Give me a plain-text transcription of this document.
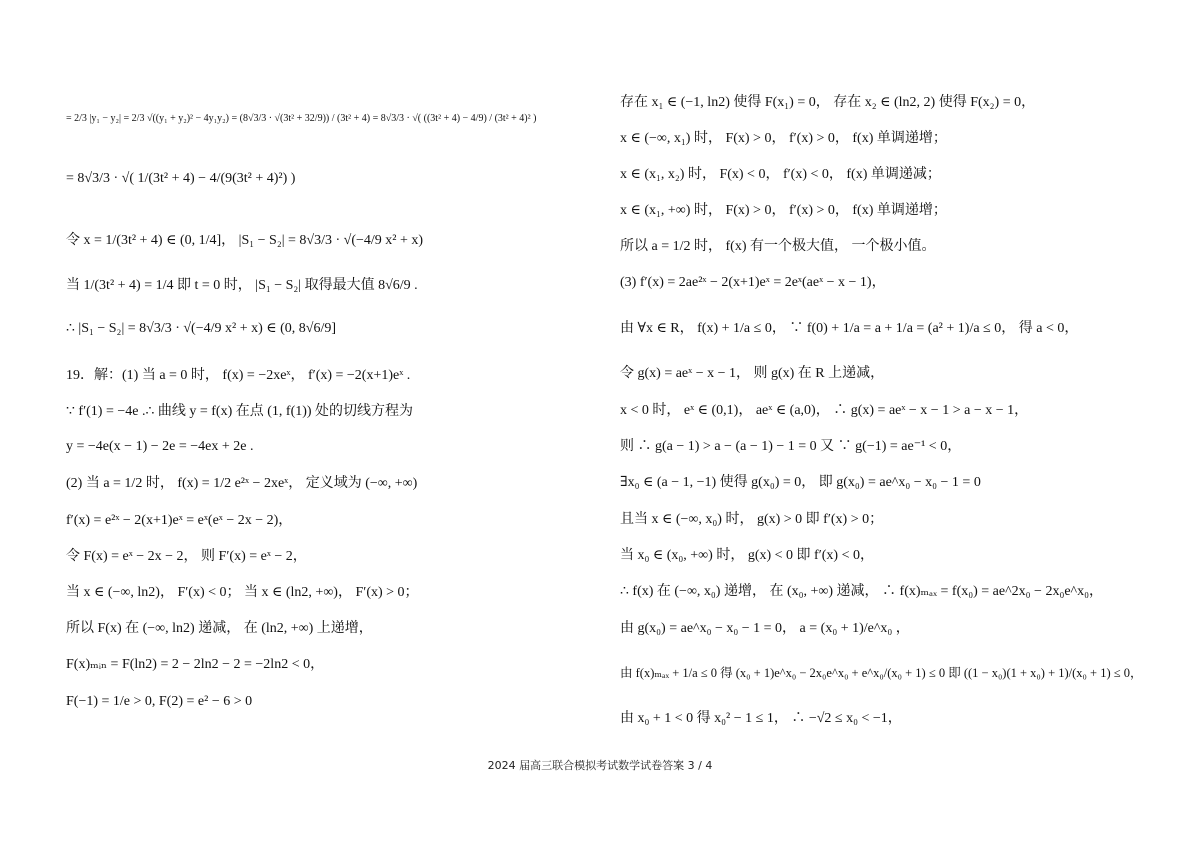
= 2/3 |y₁ − y₂| = 2/3 √((y₁ + y₂)² − 4y₁y₂) = (8√3/3 · √(3t² + 32/9)) / (3t² + 4) = 8√3/3 · √( ((3t² + 4) − 4/9) / (3t² + 4)² )
= 8√3/3 · √( 1/(3t² + 4) − 4/(9(3t² + 4)²) )
令 x = 1/(3t² + 4) ∈ (0, 1/4]， |S₁ − S₂| = 8√3/3 · √(−4/9 x² + x)
当 1/(3t² + 4) = 1/4 即 t = 0 时， |S₁ − S₂| 取得最大值 8√6/9 .
∴ |S₁ − S₂| = 8√3/3 · √(−4/9 x² + x) ∈ (0, 8√6/9]
19．解：(1) 当 a = 0 时， f(x) = −2xeˣ， f′(x) = −2(x+1)eˣ .
∵ f′(1) = −4e .∴ 曲线 y = f(x) 在点 (1, f(1)) 处的切线方程为
y = −4e(x − 1) − 2e = −4ex + 2e .
(2) 当 a = 1/2 时， f(x) = 1/2 e²ˣ − 2xeˣ， 定义域为 (−∞, +∞)
f′(x) = e²ˣ − 2(x+1)eˣ = eˣ(eˣ − 2x − 2)，
令 F(x) = eˣ − 2x − 2， 则 F′(x) = eˣ − 2，
当 x ∈ (−∞, ln2)， F′(x) < 0； 当 x ∈ (ln2, +∞)， F′(x) > 0；
所以 F(x) 在 (−∞, ln2) 递减， 在 (ln2, +∞) 上递增，
F(x)ₘᵢₙ = F(ln2) = 2 − 2ln2 − 2 = −2ln2 < 0，
F(−1) = 1/e > 0, F(2) = e² − 6 > 0
存在 x₁ ∈ (−1, ln2) 使得 F(x₁) = 0， 存在 x₂ ∈ (ln2, 2) 使得 F(x₂) = 0，
x ∈ (−∞, x₁) 时， F(x) > 0， f′(x) > 0， f(x) 单调递增；
x ∈ (x₁, x₂) 时， F(x) < 0， f′(x) < 0， f(x) 单调递减；
x ∈ (x₁, +∞) 时， F(x) > 0， f′(x) > 0， f(x) 单调递增；
所以 a = 1/2 时， f(x) 有一个极大值， 一个极小值。
(3) f′(x) = 2ae²ˣ − 2(x+1)eˣ = 2eˣ(aeˣ − x − 1)，
由 ∀x ∈ R， f(x) + 1/a ≤ 0， ∵ f(0) + 1/a = a + 1/a = (a² + 1)/a ≤ 0， 得 a < 0，
令 g(x) = aeˣ − x − 1， 则 g(x) 在 R 上递减，
x < 0 时， eˣ ∈ (0,1)， aeˣ ∈ (a,0)， ∴ g(x) = aeˣ − x − 1 > a − x − 1，
则 ∴ g(a − 1) > a − (a − 1) − 1 = 0 又 ∵ g(−1) = ae⁻¹ < 0，
∃x₀ ∈ (a − 1, −1) 使得 g(x₀) = 0， 即 g(x₀) = ae^x₀ − x₀ − 1 = 0
且当 x ∈ (−∞, x₀) 时， g(x) > 0 即 f′(x) > 0；
当 x₀ ∈ (x₀, +∞) 时， g(x) < 0 即 f′(x) < 0，
∴ f(x) 在 (−∞, x₀) 递增， 在 (x₀, +∞) 递减， ∴ f(x)ₘₐₓ = f(x₀) = ae^2x₀ − 2x₀e^x₀，
由 g(x₀) = ae^x₀ − x₀ − 1 = 0， a = (x₀ + 1)/e^x₀ ，
由 f(x)ₘₐₓ + 1/a ≤ 0 得 (x₀ + 1)e^x₀ − 2x₀e^x₀ + e^x₀/(x₀ + 1) ≤ 0 即 ((1 − x₀)(1 + x₀) + 1)/(x₀ + 1) ≤ 0，
由 x₀ + 1 < 0 得 x₀² − 1 ≤ 1， ∴ −√2 ≤ x₀ < −1，
2024 届高三联合模拟考试数学试卷答案 3 / 4
